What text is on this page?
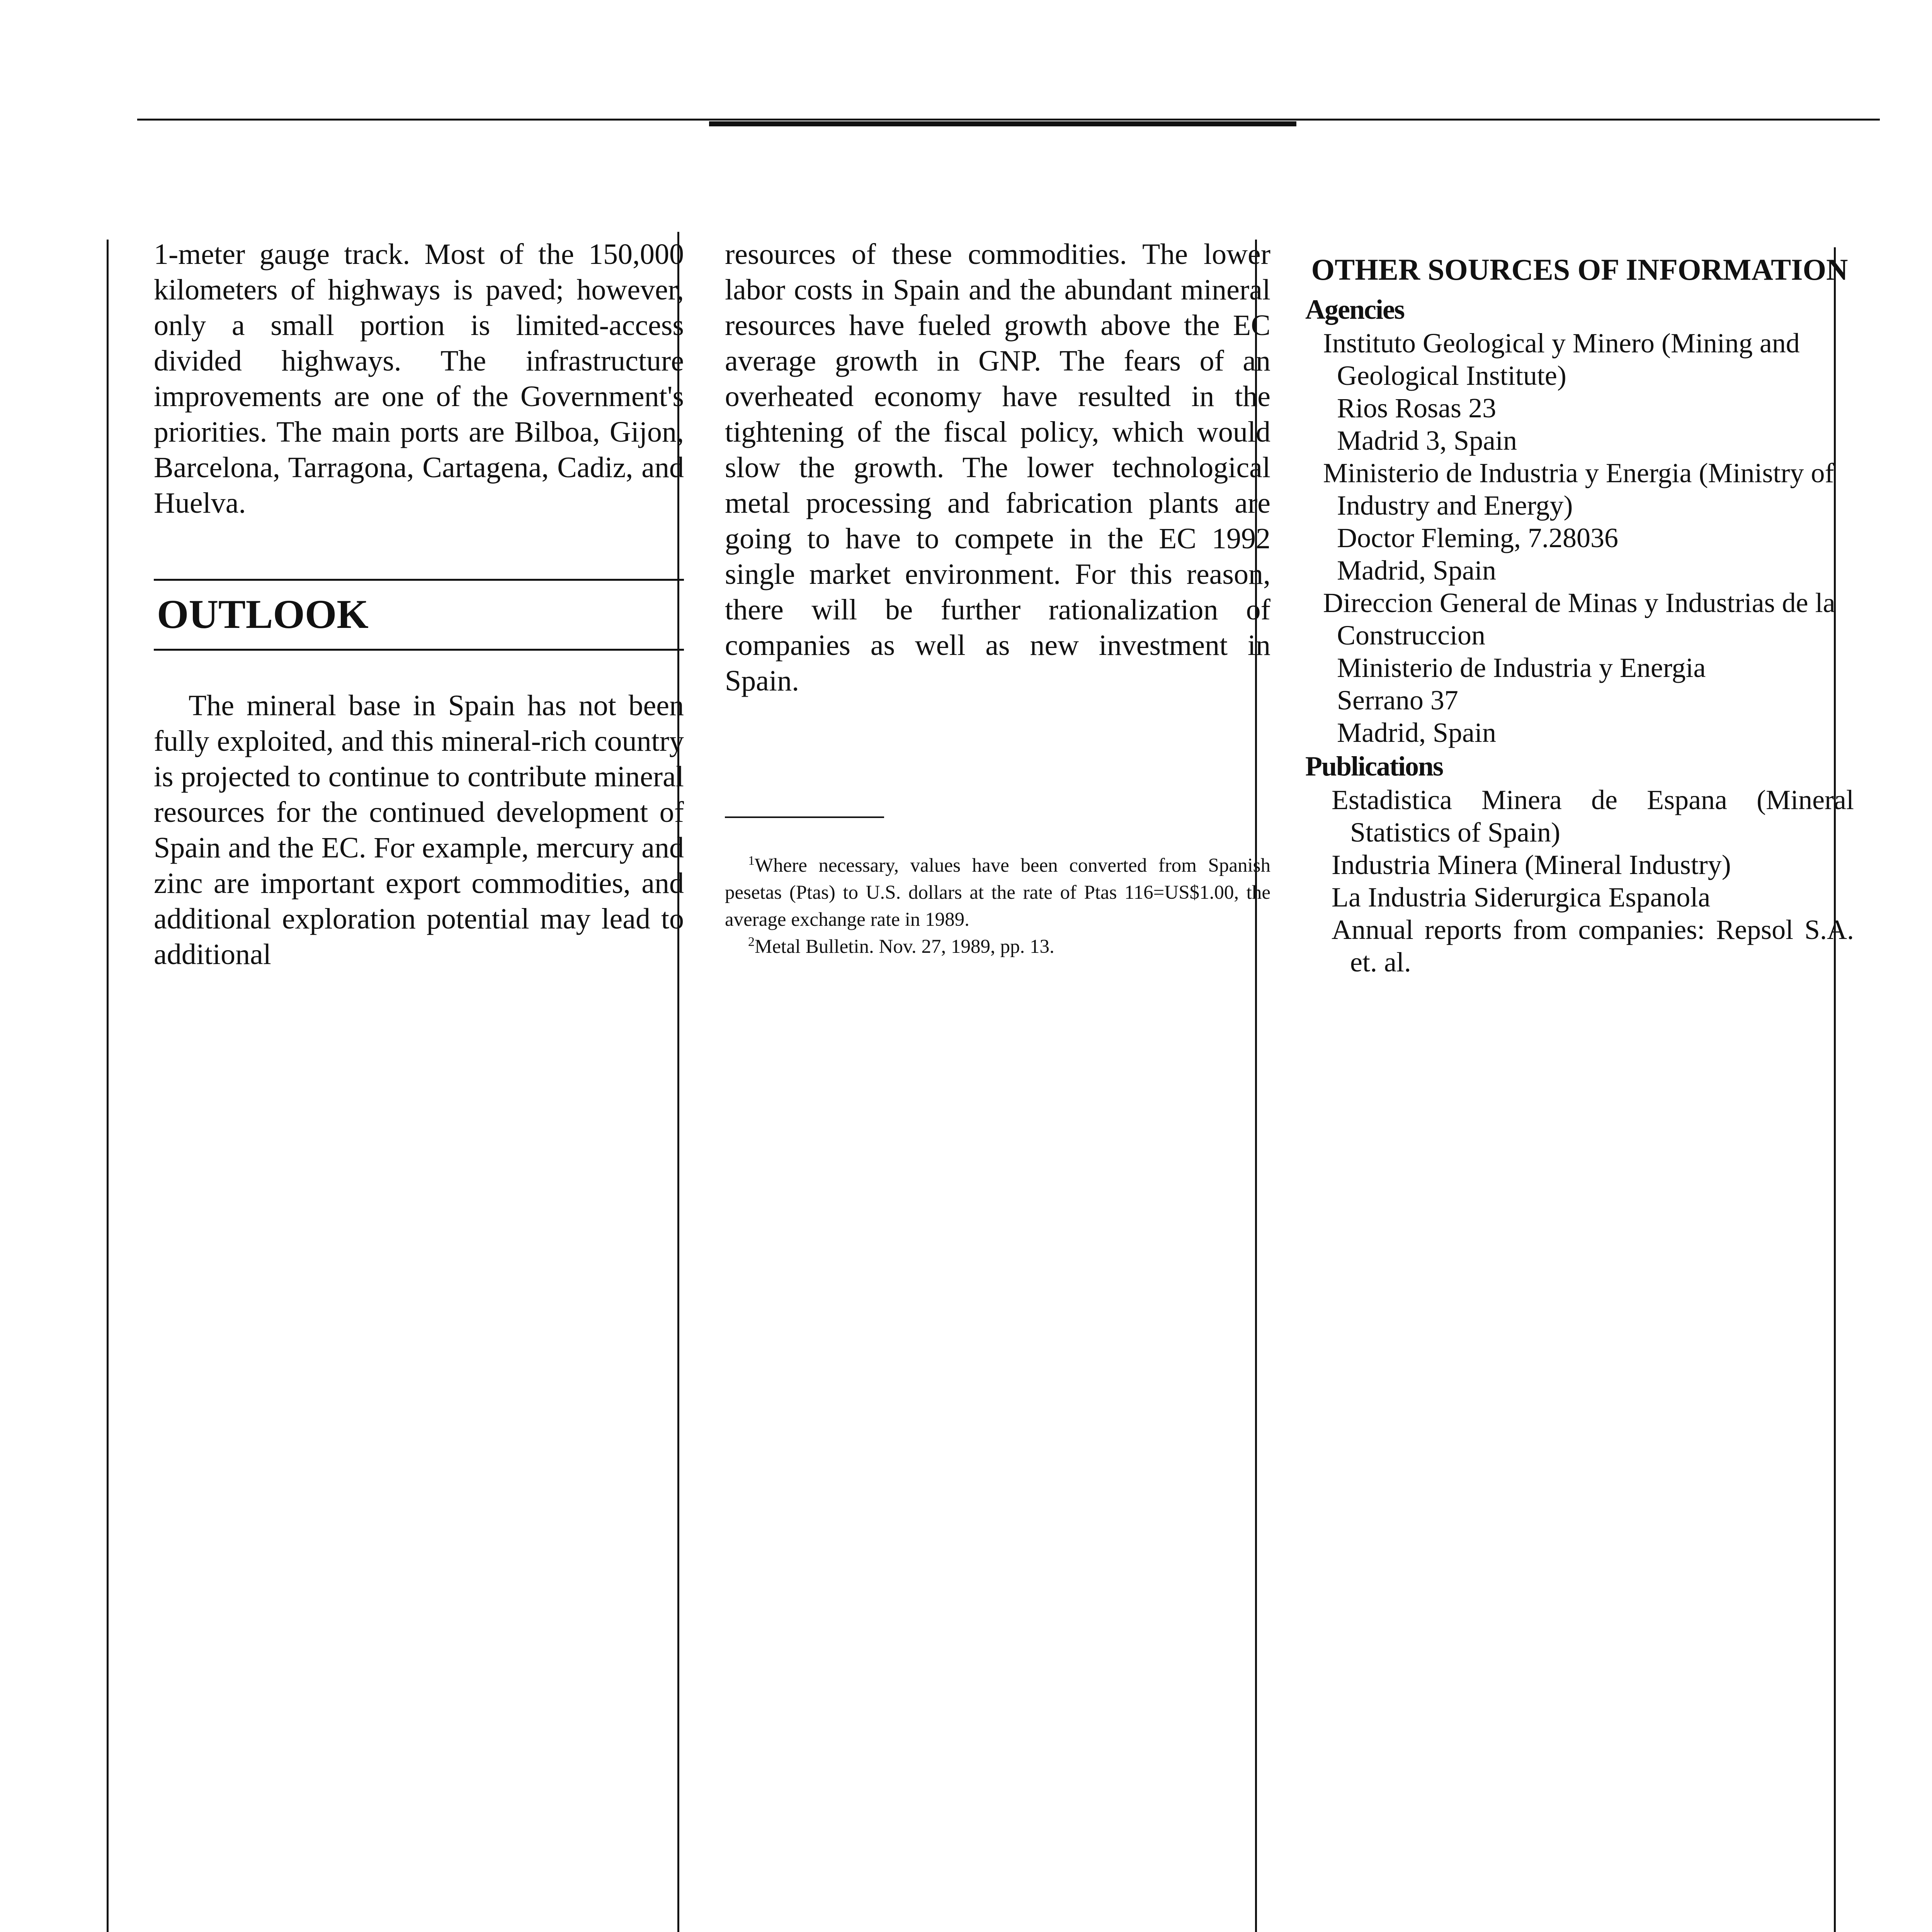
1-meter gauge track. Most of the 150,000 kilometers of highways is paved; however, only a small portion is limited-access divided highways. The infrastructure improvements are one of the Government's priorities. The main ports are Bilboa, Gijon, Barcelona, Tarragona, Cartagena, Cadiz, and Huelva.

OUTLOOK

The mineral base in Spain has not been fully exploited, and this mineral-rich country is projected to continue to contribute mineral resources for the continued development of Spain and the EC. For example, mercury and zinc are important export commodities, and additional exploration potential may lead to additional

resources of these commodities. The lower labor costs in Spain and the abundant mineral resources have fueled growth above the EC average growth in GNP. The fears of an overheated economy have resulted in the tightening of the fiscal policy, which would slow the growth. The lower technological metal processing and fabrication plants are going to have to compete in the EC 1992 single market environment. For this reason, there will be further rationalization of companies as well as new investment in Spain.

$^1$Where necessary, values have been converted from Spanish pesetas (Ptas) to U.S. dollars at the rate of Ptas 116=US$1.00, the average exchange rate in 1989.

$^2$Metal Bulletin. Nov. 27, 1989, pp. 13.

OTHER SOURCES OF INFORMATION

Agencies

Instituto Geological y Minero (Mining and Geological Institute)
Rios Rosas 23
Madrid 3, Spain

Ministerio de Industria y Energia (Ministry of Industry and Energy)
Doctor Fleming, 7.28036
Madrid, Spain

Direccion General de Minas y Industrias de la Construccion
Ministerio de Industria y Energia
Serrano 37
Madrid, Spain

Publications

Estadistica Minera de Espana (Mineral Statistics of Spain)

Industria Minera (Mineral Industry)

La Industria Siderurgica Espanola

Annual reports from companies: Repsol S.A. et. al.
